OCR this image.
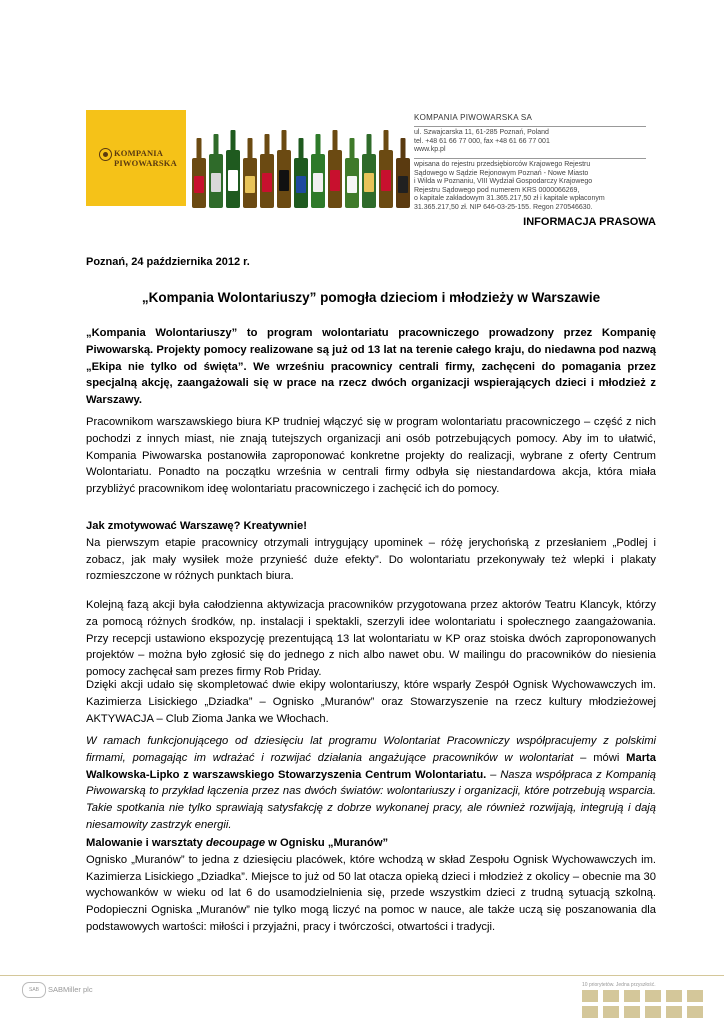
KOMPANIA
PIWOWARSKA
KOMPANIA PIWOWARSKA SA
ul. Szwajcarska 11, 61-285 Poznań, Poland
tel. +48 61 66 77 000, fax +48 61 66 77 001
www.kp.pl
wpisana do rejestru przedsiębiorców Krajowego Rejestru
Sądowego w Sądzie Rejonowym Poznań - Nowe Miasto
i Wilda w Poznaniu, VIII Wydział Gospodarczy Krajowego
Rejestru Sądowego pod numerem KRS 0000066269,
o kapitale zakładowym 31.365.217,50 zł i kapitale wpłaconym
31.365.217,50 zł. NIP 646-03-25-155. Regon 270546630.
INFORMACJA PRASOWA
Poznań, 24 października 2012 r.
„Kompania Wolontariuszy” pomogła dzieciom i młodzieży w Warszawie

„Kompania Wolontariuszy” to program wolontariatu pracowniczego prowadzony przez Kompanię Piwowarską. Projekty pomocy realizowane są już od 13 lat na terenie całego kraju, do niedawna pod nazwą „Ekipa nie tylko od święta”. We wrześniu pracownicy centrali firmy, zachęceni do pomagania przez specjalną akcję, zaangażowali się w prace na rzecz dwóch organizacji wspierających dzieci i młodzież z Warszawy.

Pracownikom warszawskiego biura KP trudniej włączyć się w program wolontariatu pracowniczego – część z nich pochodzi z innych miast, nie znają tutejszych organizacji ani osób potrzebujących pomocy. Aby im to ułatwić, Kompania Piwowarska postanowiła zaproponować konkretne projekty do realizacji, wybrane z oferty Centrum Wolontariatu. Ponadto na początku września w centrali firmy odbyła się niestandardowa akcja, która miała przybliżyć pracownikom ideę wolontariatu pracowniczego i zachęcić ich do pomocy.

Jak zmotywować Warszawę? Kreatywnie!

Na pierwszym etapie pracownicy otrzymali intrygujący upominek – różę jerychońską z przesłaniem „Podlej i zobacz, jak mały wysiłek może przynieść duże efekty”. Do wolontariatu przekonywały też wlepki i plakaty rozmieszczone w różnych punktach biura.

Kolejną fazą akcji była całodzienna aktywizacja pracowników przygotowana przez aktorów Teatru Klancyk, którzy za pomocą różnych środków, np. instalacji i spektakli, szerzyli idee wolontariatu i społecznego zaangażowania. Przy recepcji ustawiono ekspozycję prezentującą 13 lat wolontariatu w KP oraz stoiska dwóch zaproponowanych projektów – można było zgłosić się do jednego z nich albo nawet obu. W mailingu do pracowników do niesienia pomocy zachęcał sam prezes firmy Rob Priday.

Dzięki akcji udało się skompletować dwie ekipy wolontariuszy, które wsparły Zespół Ognisk Wychowawczych im. Kazimierza Lisickiego „Dziadka” – Ognisko „Muranów” oraz Stowarzyszenie na rzecz kultury młodzieżowej AKTYWACJA – Club Zioma Janka we Włochach.

W ramach funkcjonującego od dziesięciu lat programu Wolontariat Pracowniczy współpracujemy z polskimi firmami, pomagając im wdrażać i rozwijać działania angażujące pracowników w wolontariat – mówi Marta Walkowska-Lipko z warszawskiego Stowarzyszenia Centrum Wolontariatu. – Nasza współpraca z Kompanią Piwowarską to przykład łączenia przez nas dwóch światów: wolontariuszy i organizacji, które potrzebują wsparcia. Takie spotkania nie tylko sprawiają satysfakcję z dobrze wykonanej pracy, ale również rozwijają, integrują i dają niesamowity zastrzyk energii.

Malowanie i warsztaty decoupage w Ognisku „Muranów”

Ognisko „Muranów” to jedna z dziesięciu placówek, które wchodzą w skład Zespołu Ognisk Wychowawczych im. Kazimierza Lisickiego „Dziadka”. Miejsce to już od 50 lat otacza opieką dzieci i młodzież z okolicy – obecnie ma 30 wychowanków w wieku od lat 6 do usamodzielnienia się, przede wszystkim dzieci z trudną sytuacją szkolną. Podopieczni Ogniska „Muranów” nie tylko mogą liczyć na pomoc w nauce, ale także uczą się poszanowania dla podstawowych wartości: miłości i przyjaźni, pracy i twórczości, otwartości i tradycji.

SAB	SABMiller plc	10 priorytetów. Jedna przyszłość.
